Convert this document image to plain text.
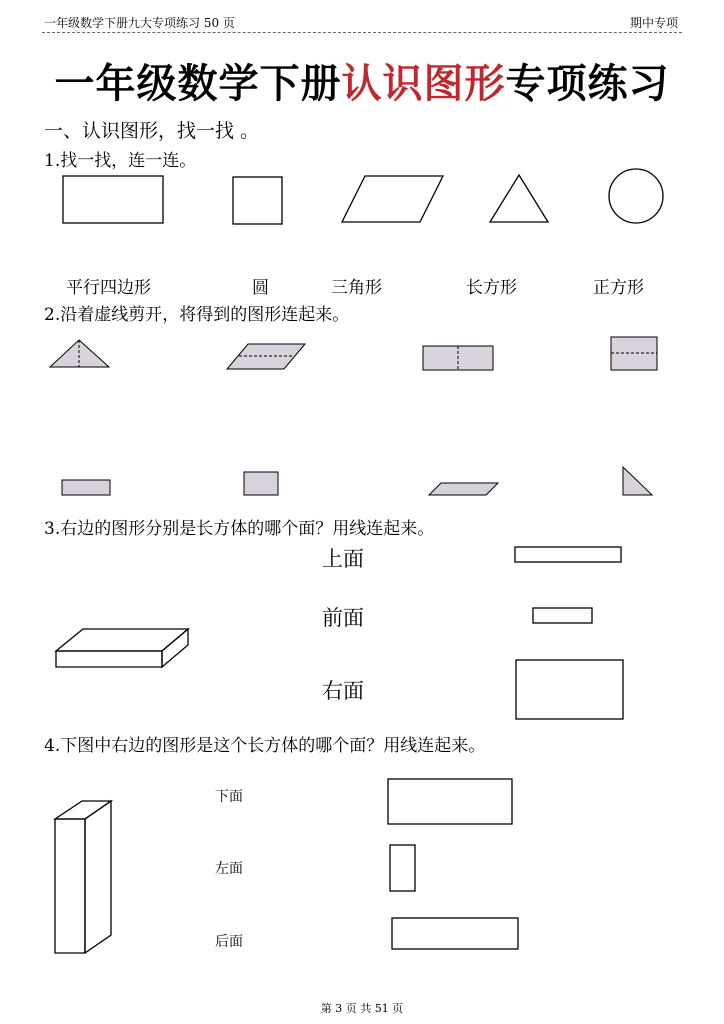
一年级数学下册九大专项练习 50 页	期中专项
一年级数学下册认识图形专项练习
一、认识图形，找一找 。
1.找一找，连一连。
平行四边形	圆	三角形	长方形	正方形
2.沿着虚线剪开，将得到的图形连起来。
3.右边的图形分别是长方体的哪个面？用线连起来。
上面
前面
右面
4.下图中右边的图形是这个长方体的哪个面？用线连起来。
下面
左面
后面
第 3 页 共 51 页
